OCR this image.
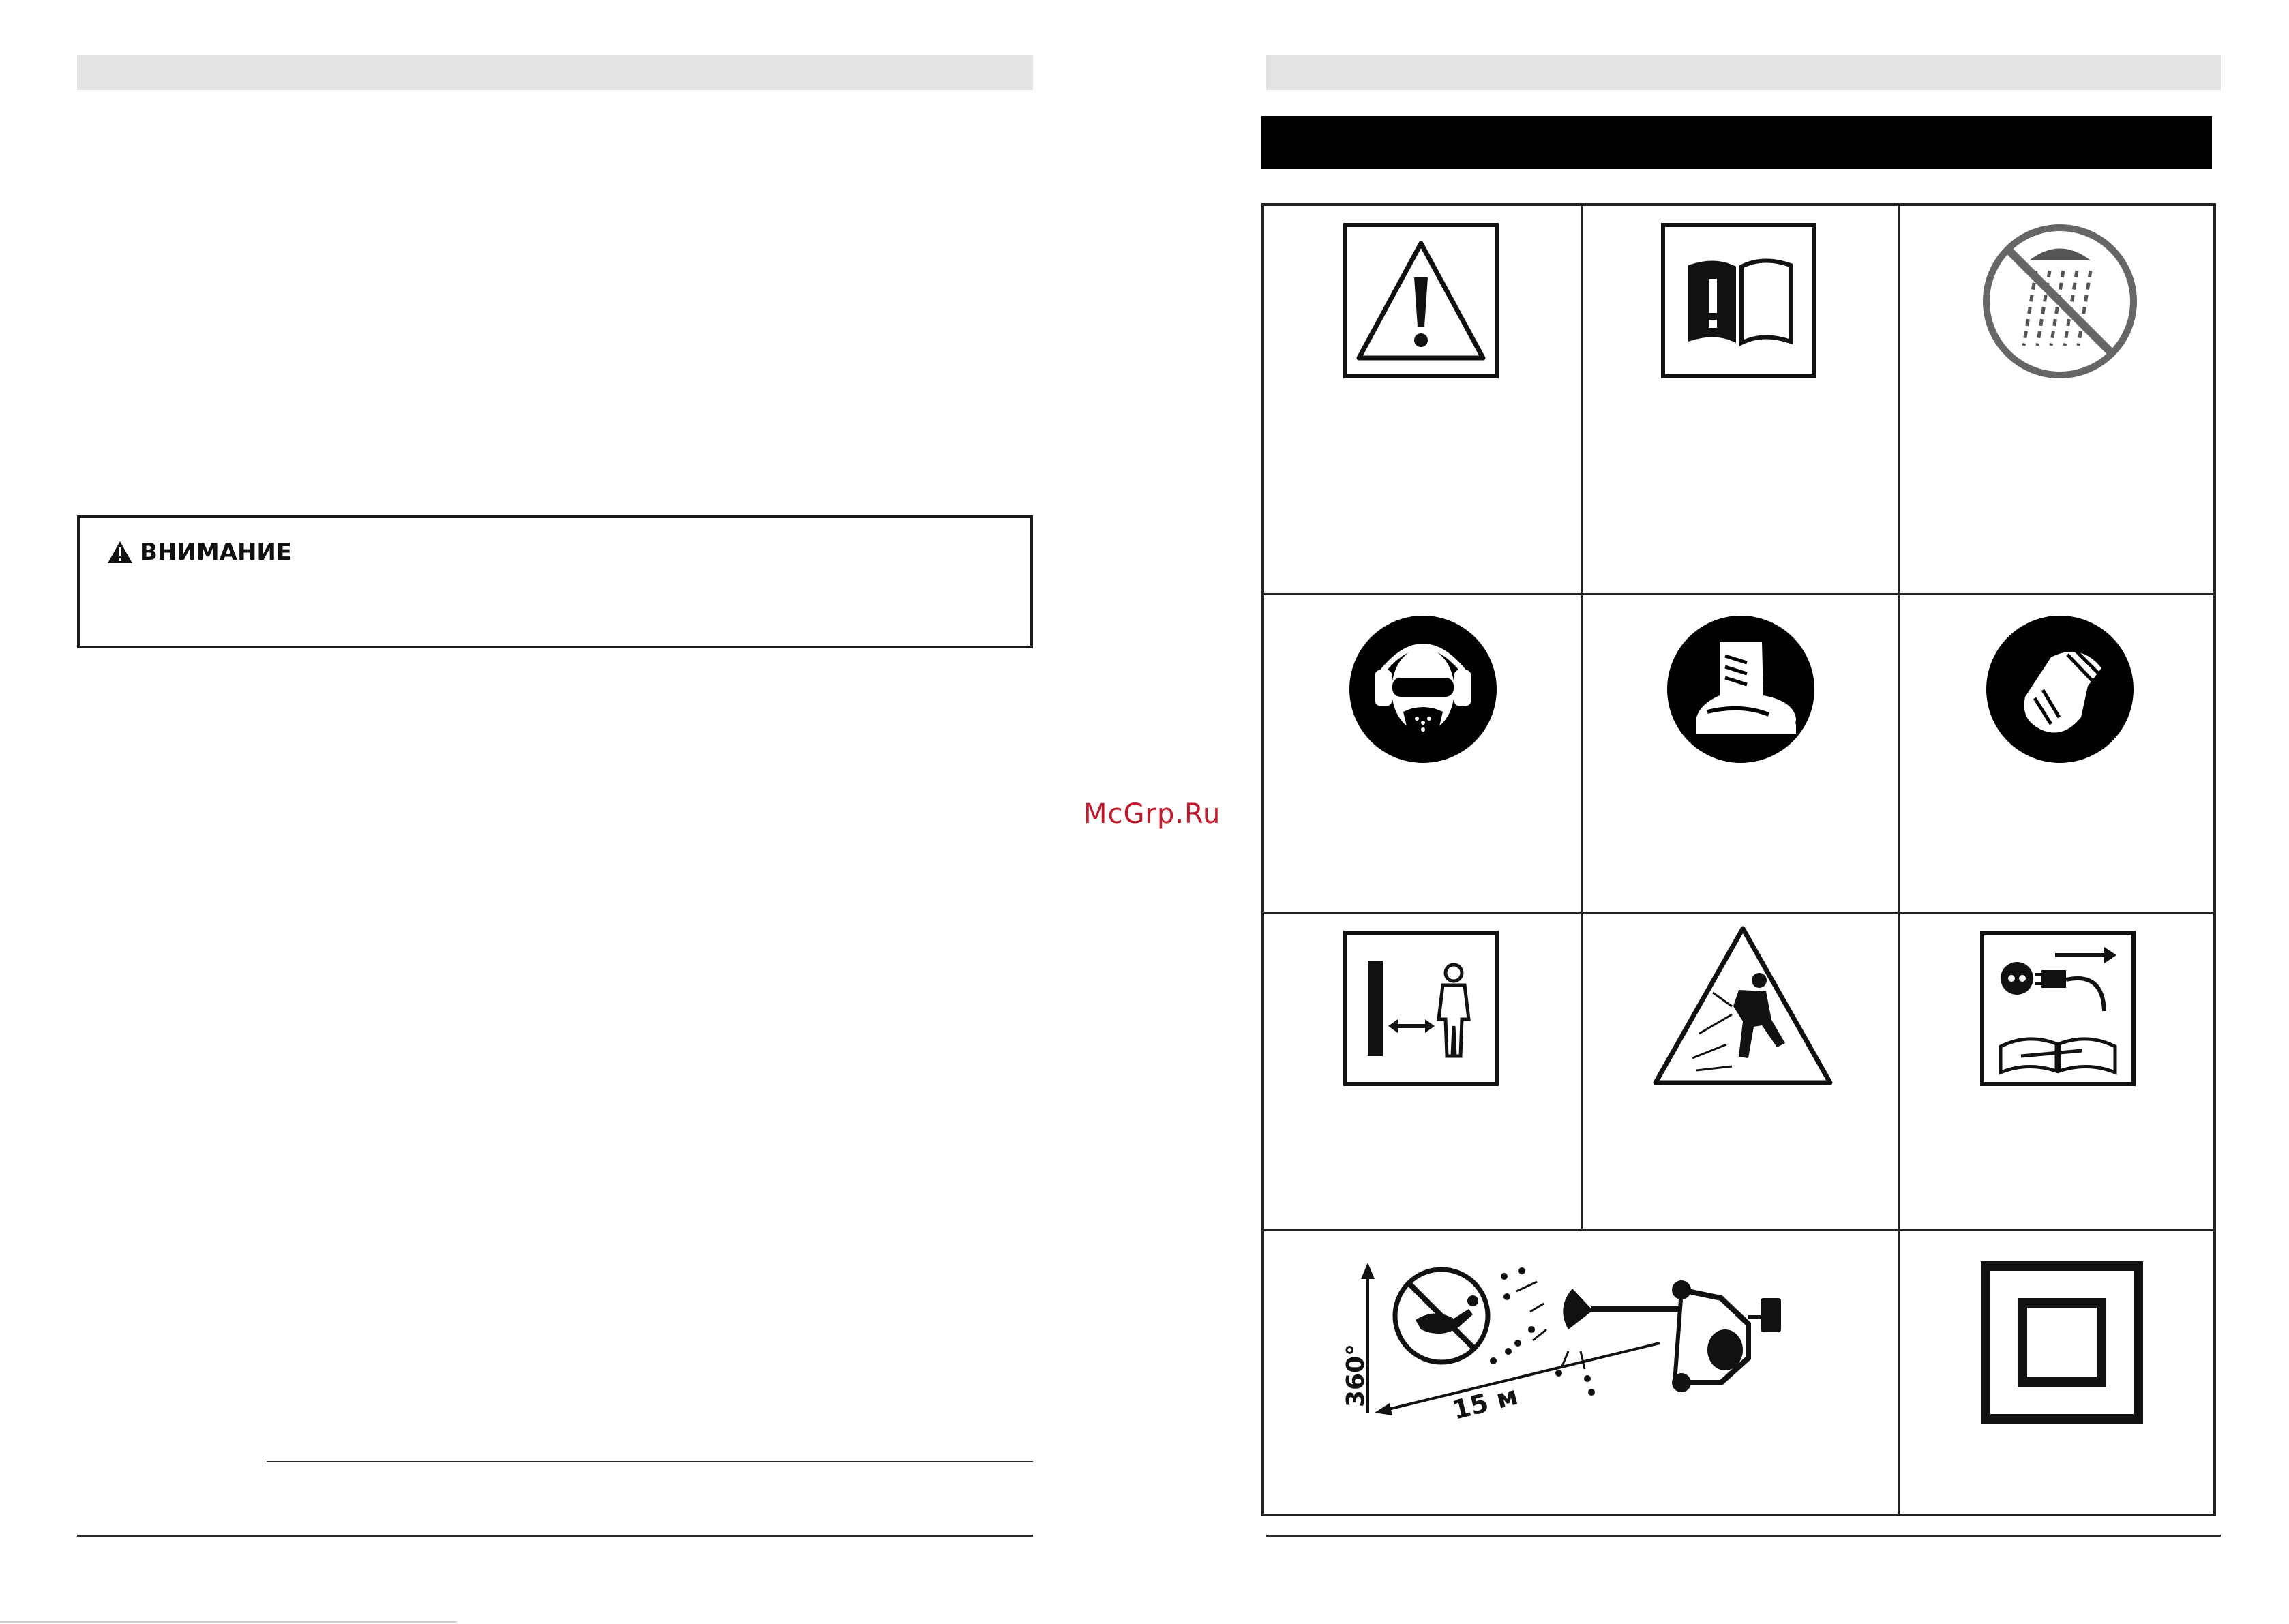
ВНИМАНИЕ
McGrp.Ru
360°	15 м
